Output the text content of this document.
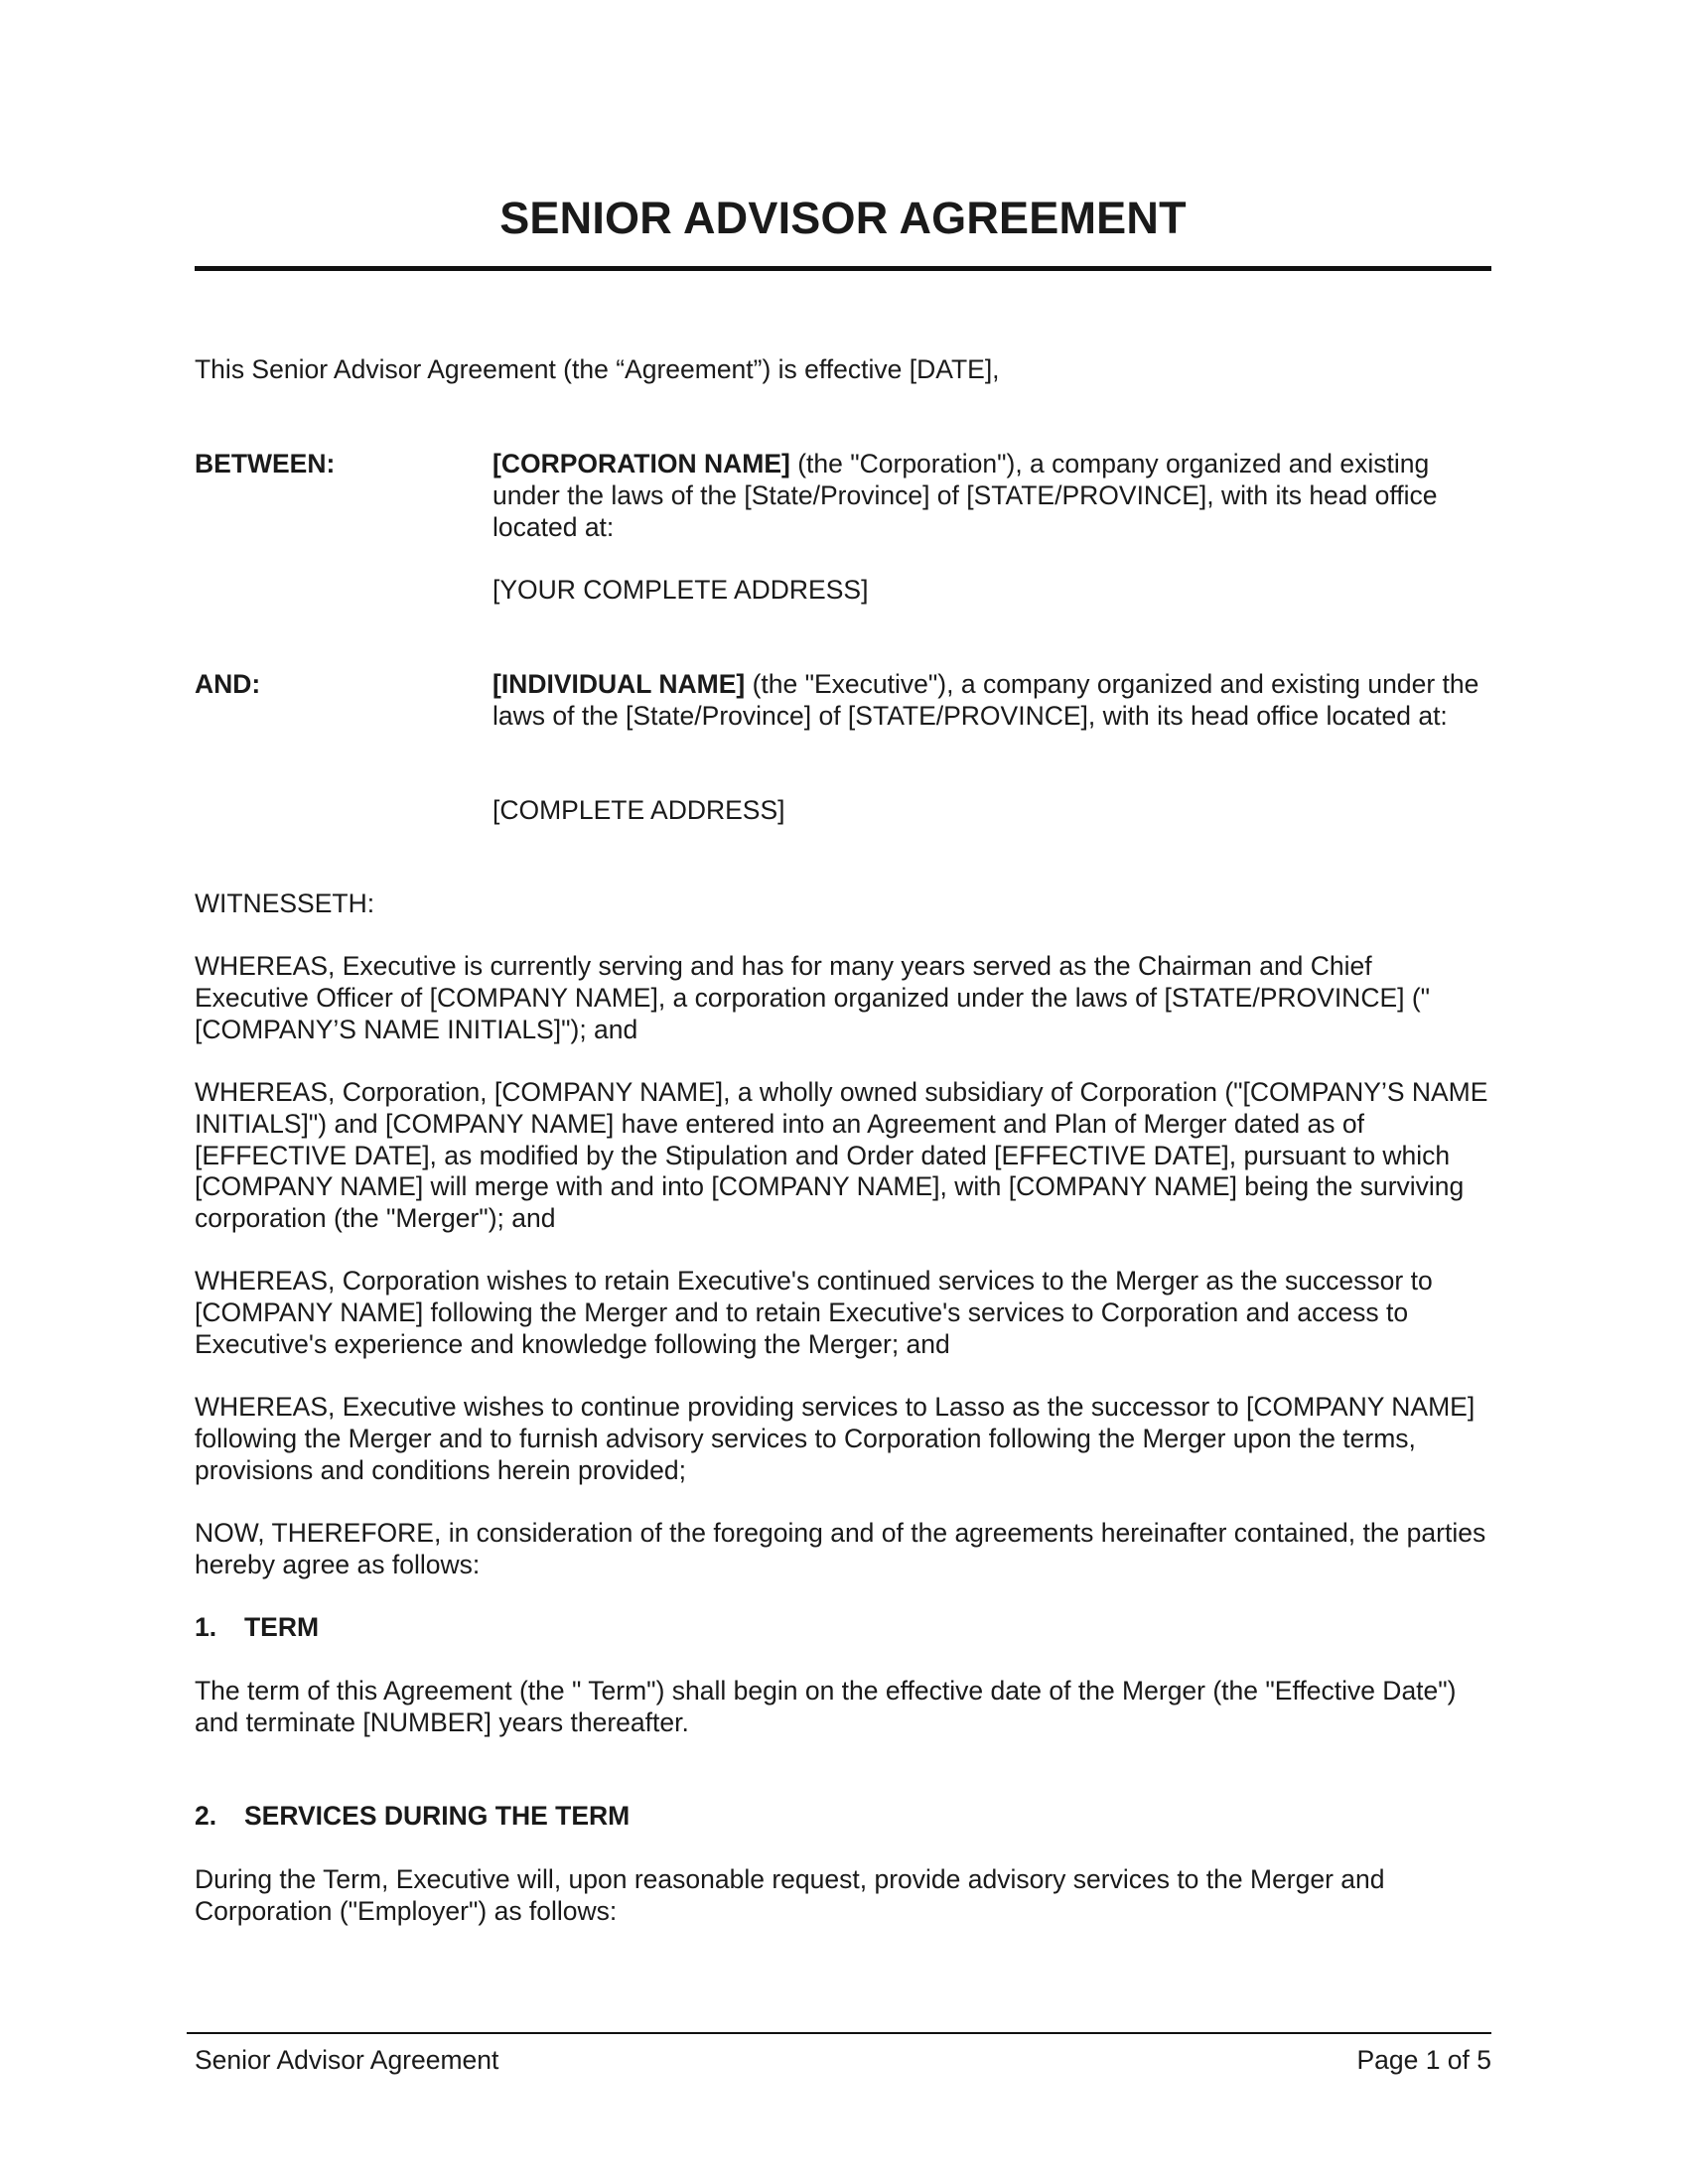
SENIOR ADVISOR AGREEMENT

This Senior Advisor Agreement (the “Agreement”) is effective [DATE],

BETWEEN:	[CORPORATION NAME] (the "Corporation"), a company organized and existing under the laws of the [State/Province] of [STATE/PROVINCE], with its head office located at:
[YOUR COMPLETE ADDRESS]
AND:	[INDIVIDUAL NAME] (the "Executive"), a company organized and existing under the laws of the [State/Province] of [STATE/PROVINCE], with its head office located at:
[COMPLETE ADDRESS]

WITNESSETH:

WHEREAS, Executive is currently serving and has for many years served as the Chairman and Chief Executive Officer of [COMPANY NAME], a corporation organized under the laws of [STATE/PROVINCE] ("[COMPANY’S NAME INITIALS]"); and

WHEREAS, Corporation, [COMPANY NAME], a wholly owned subsidiary of Corporation ("[COMPANY’S NAME INITIALS]") and [COMPANY NAME] have entered into an Agreement and Plan of Merger dated as of [EFFECTIVE DATE], as modified by the Stipulation and Order dated [EFFECTIVE DATE], pursuant to which [COMPANY NAME] will merge with and into [COMPANY NAME], with [COMPANY NAME] being the surviving corporation (the "Merger"); and

WHEREAS, Corporation wishes to retain Executive's continued services to the Merger as the successor to [COMPANY NAME] following the Merger and to retain Executive's services to Corporation and access to Executive's experience and knowledge following the Merger; and

WHEREAS, Executive wishes to continue providing services to Lasso as the successor to [COMPANY NAME] following the Merger and to furnish advisory services to Corporation following the Merger upon the terms, provisions and conditions herein provided;

NOW, THEREFORE, in consideration of the foregoing and of the agreements hereinafter contained, the parties hereby agree as follows:

1. TERM

The term of this Agreement (the " Term") shall begin on the effective date of the Merger (the "Effective Date") and terminate [NUMBER] years thereafter.

2. SERVICES DURING THE TERM

During the Term, Executive will, upon reasonable request, provide advisory services to the Merger and Corporation ("Employer") as follows:

Senior Advisor Agreement	Page 1 of 5
